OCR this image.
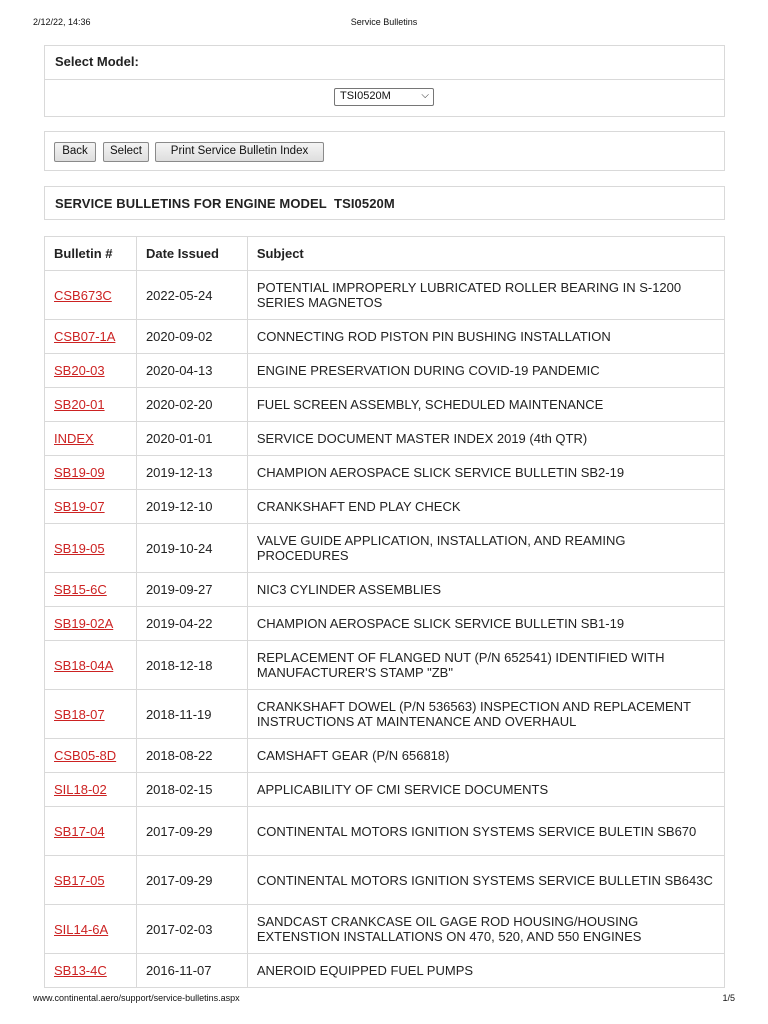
2/12/22, 14:36	Service Bulletins
Select Model:
TSI0520M	⌵
Back	Select	Print Service Bulletin Index
SERVICE BULLETINS FOR ENGINE MODEL  TSI0520M
Bulletin #	Date Issued	Subject
CSB673C	2022-05-24	POTENTIAL IMPROPERLY LUBRICATED ROLLER BEARING IN S-1200 SERIES MAGNETOS
CSB07-1A	2020-09-02	CONNECTING ROD PISTON PIN BUSHING INSTALLATION
SB20-03	2020-04-13	ENGINE PRESERVATION DURING COVID-19 PANDEMIC
SB20-01	2020-02-20	FUEL SCREEN ASSEMBLY, SCHEDULED MAINTENANCE
INDEX	2020-01-01	SERVICE DOCUMENT MASTER INDEX 2019 (4th QTR)
SB19-09	2019-12-13	CHAMPION AEROSPACE SLICK SERVICE BULLETIN SB2-19
SB19-07	2019-12-10	CRANKSHAFT END PLAY CHECK
SB19-05	2019-10-24	VALVE GUIDE APPLICATION, INSTALLATION, AND REAMING PROCEDURES
SB15-6C	2019-09-27	NIC3 CYLINDER ASSEMBLIES
SB19-02A	2019-04-22	CHAMPION AEROSPACE SLICK SERVICE BULLETIN SB1-19
SB18-04A	2018-12-18	REPLACEMENT OF FLANGED NUT (P/N 652541) IDENTIFIED WITH MANUFACTURER'S STAMP "ZB"
SB18-07	2018-11-19	CRANKSHAFT DOWEL (P/N 536563) INSPECTION AND REPLACEMENT INSTRUCTIONS AT MAINTENANCE AND OVERHAUL
CSB05-8D	2018-08-22	CAMSHAFT GEAR (P/N 656818)
SIL18-02	2018-02-15	APPLICABILITY OF CMI SERVICE DOCUMENTS
SB17-04	2017-09-29	CONTINENTAL MOTORS IGNITION SYSTEMS SERVICE BULETIN SB670
SB17-05	2017-09-29	CONTINENTAL MOTORS IGNITION SYSTEMS SERVICE BULLETIN SB643C
SIL14-6A	2017-02-03	SANDCAST CRANKCASE OIL GAGE ROD HOUSING/HOUSING EXTENSTION INSTALLATIONS ON 470, 520, AND 550 ENGINES
SB13-4C	2016-11-07	ANEROID EQUIPPED FUEL PUMPS
www.continental.aero/support/service-bulletins.aspx	1/5
